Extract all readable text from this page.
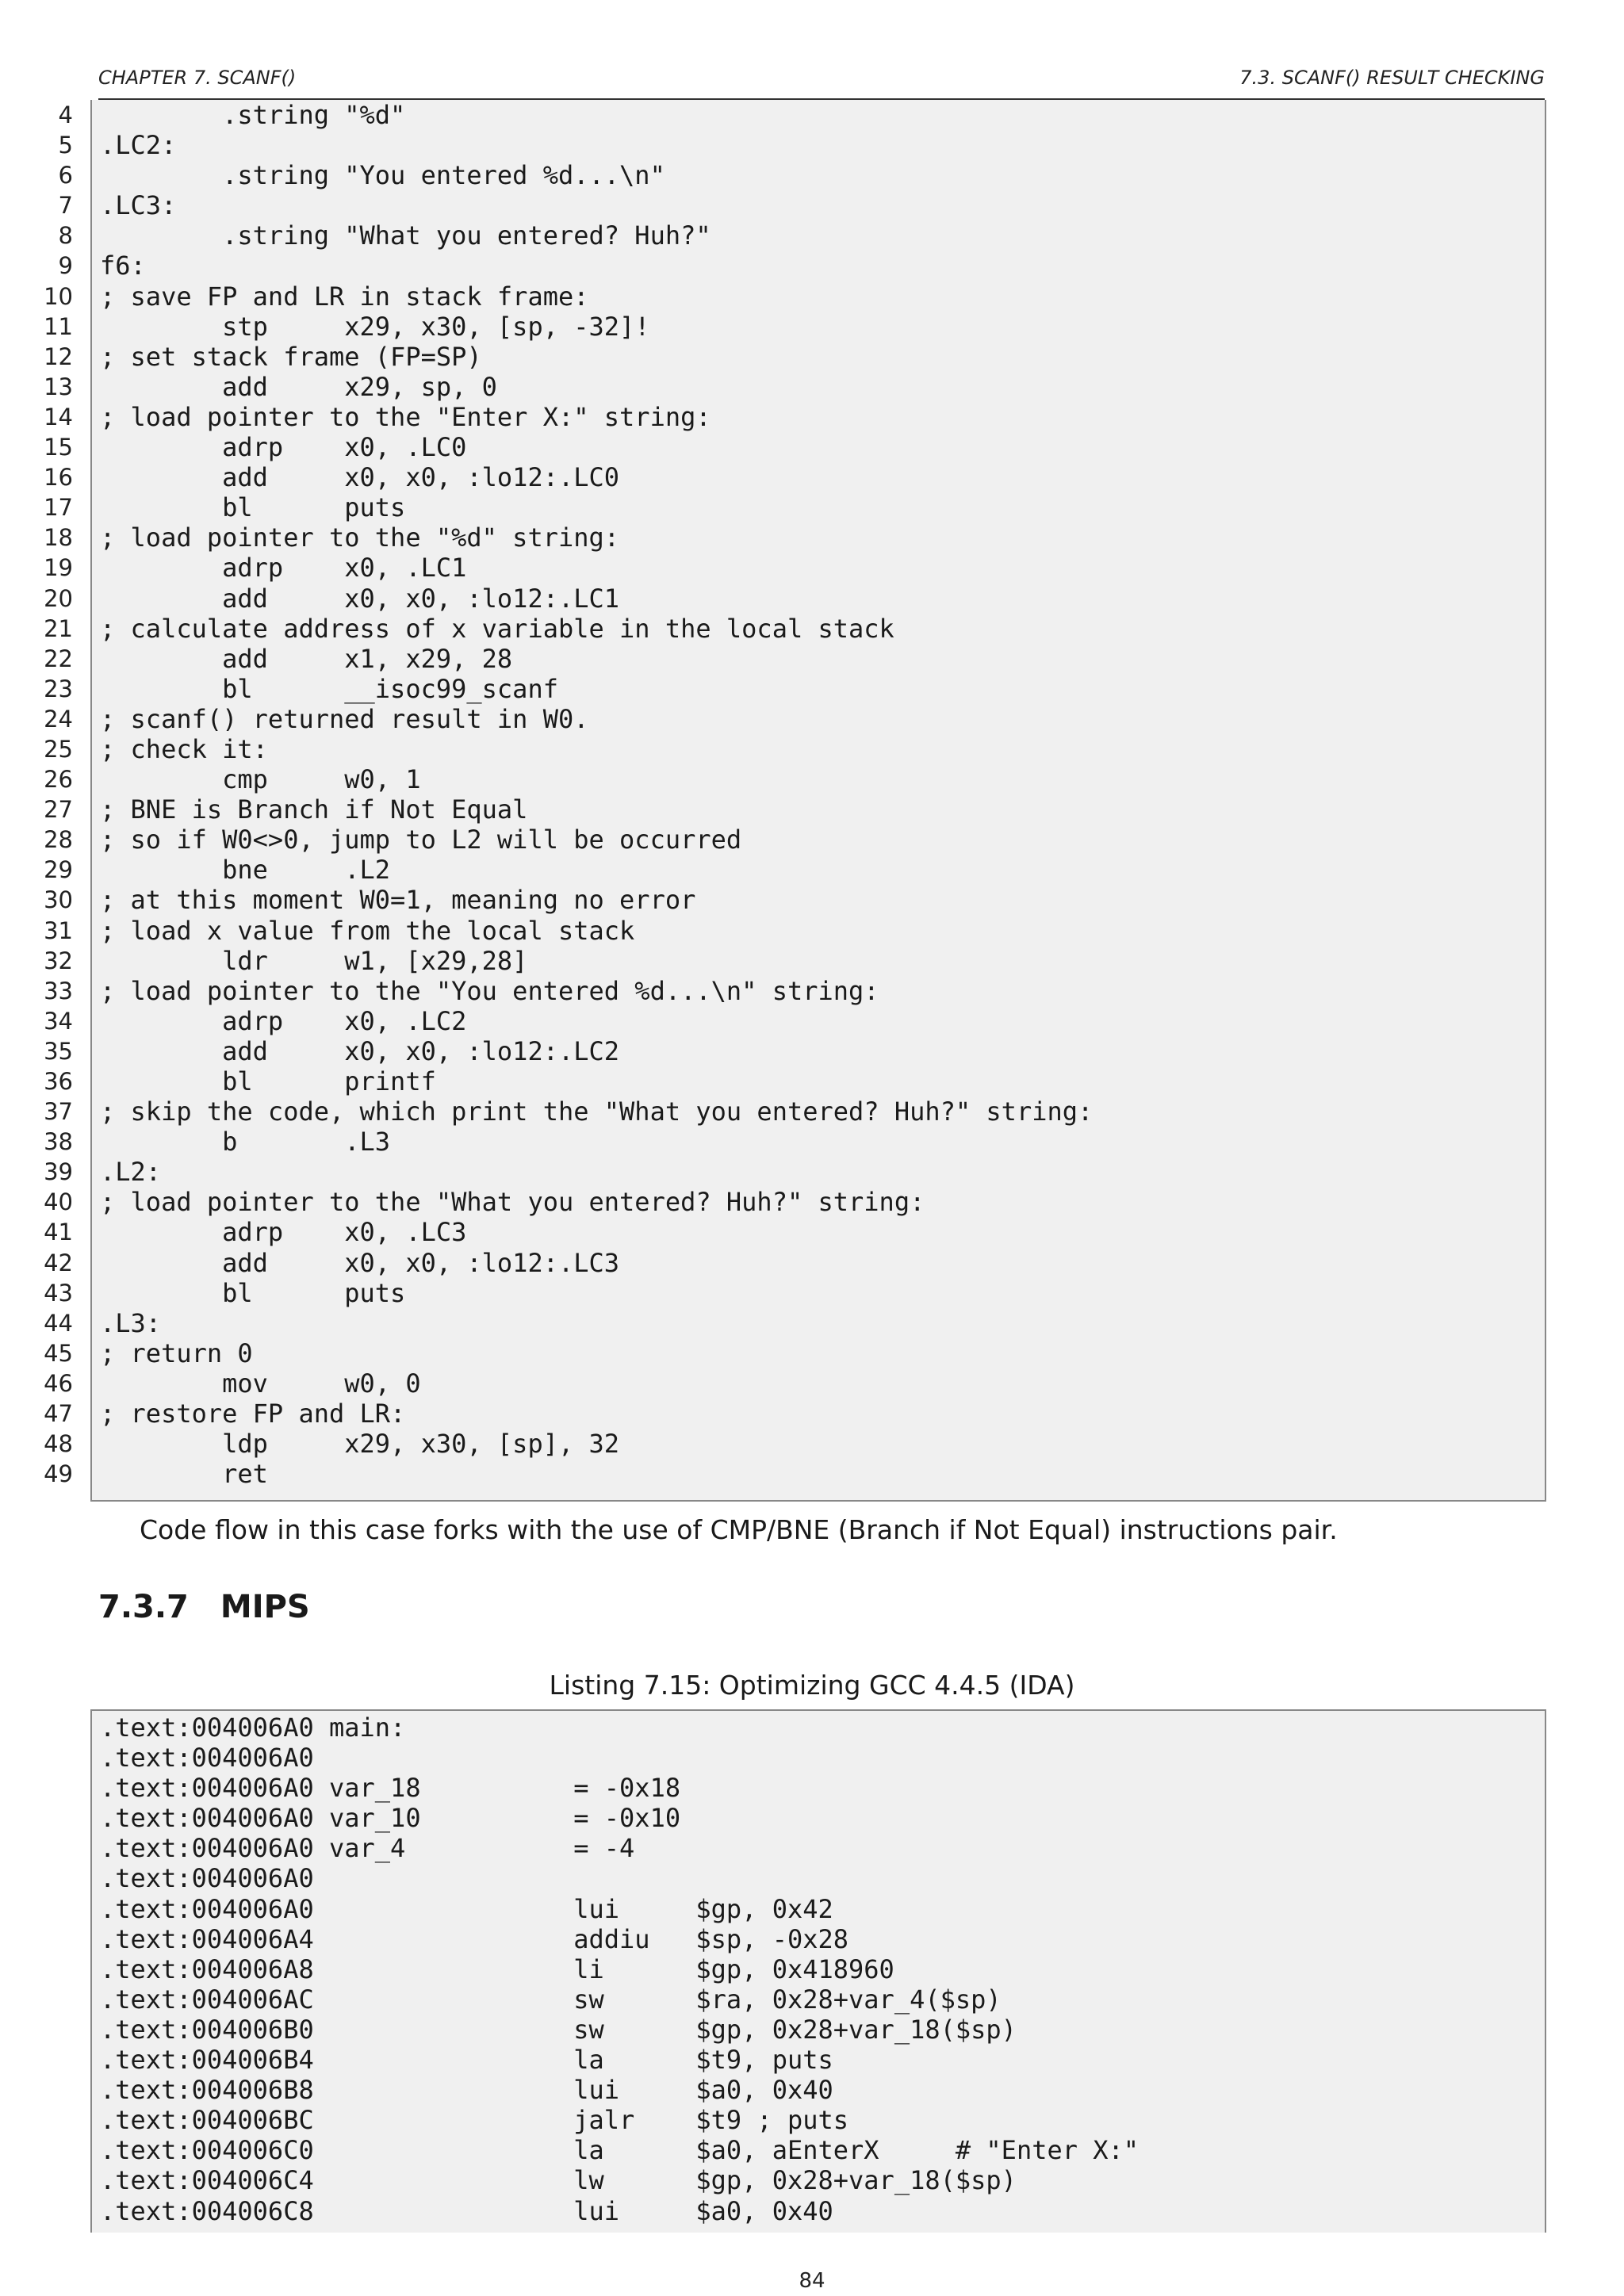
CHAPTER 7. SCANF()	7.3. SCANF() RESULT CHECKING
4
5
6
7
8
9
10
11
12
13
14
15
16
17
18
19
20
21
22
23
24
25
26
27
28
29
30
31
32
33
34
35
36
37
38
39
40
41
42
43
44
45
46
47
48
49
.string "%d"
.LC2:
.string "You entered %d...\n"
.LC3:
.string "What you entered? Huh?"
f6:
; save FP and LR in stack frame:
stp     x29, x30, [sp, -32]!
; set stack frame (FP=SP)
add     x29, sp, 0
; load pointer to the "Enter X:" string:
adrp    x0, .LC0
add     x0, x0, :lo12:.LC0
bl      puts
; load pointer to the "%d" string:
adrp    x0, .LC1
add     x0, x0, :lo12:.LC1
; calculate address of x variable in the local stack
add     x1, x29, 28
bl      __isoc99_scanf
; scanf() returned result in W0.
; check it:
cmp     w0, 1
; BNE is Branch if Not Equal
; so if W0<>0, jump to L2 will be occurred
bne     .L2
; at this moment W0=1, meaning no error
; load x value from the local stack
ldr     w1, [x29,28]
; load pointer to the "You entered %d...\n" string:
adrp    x0, .LC2
add     x0, x0, :lo12:.LC2
bl      printf
; skip the code, which print the "What you entered? Huh?" string:
b       .L3
.L2:
; load pointer to the "What you entered? Huh?" string:
adrp    x0, .LC3
add     x0, x0, :lo12:.LC3
bl      puts
.L3:
; return 0
mov     w0, 0
; restore FP and LR:
ldp     x29, x30, [sp], 32
ret
Code flow in this case forks with the use of CMP/BNE (Branch if Not Equal) instructions pair.
7.3.7 MIPS
Listing 7.15: Optimizing GCC 4.4.5 (IDA)
.text:004006A0 main:
.text:004006A0
.text:004006A0 var_18          = -0x18
.text:004006A0 var_10          = -0x10
.text:004006A0 var_4           = -4
.text:004006A0
.text:004006A0                 lui     $gp, 0x42
.text:004006A4                 addiu   $sp, -0x28
.text:004006A8                 li      $gp, 0x418960
.text:004006AC                 sw      $ra, 0x28+var_4($sp)
.text:004006B0                 sw      $gp, 0x28+var_18($sp)
.text:004006B4                 la      $t9, puts
.text:004006B8                 lui     $a0, 0x40
.text:004006BC                 jalr    $t9 ; puts
.text:004006C0                 la      $a0, aEnterX     # "Enter X:"
.text:004006C4                 lw      $gp, 0x28+var_18($sp)
.text:004006C8                 lui     $a0, 0x40
84
